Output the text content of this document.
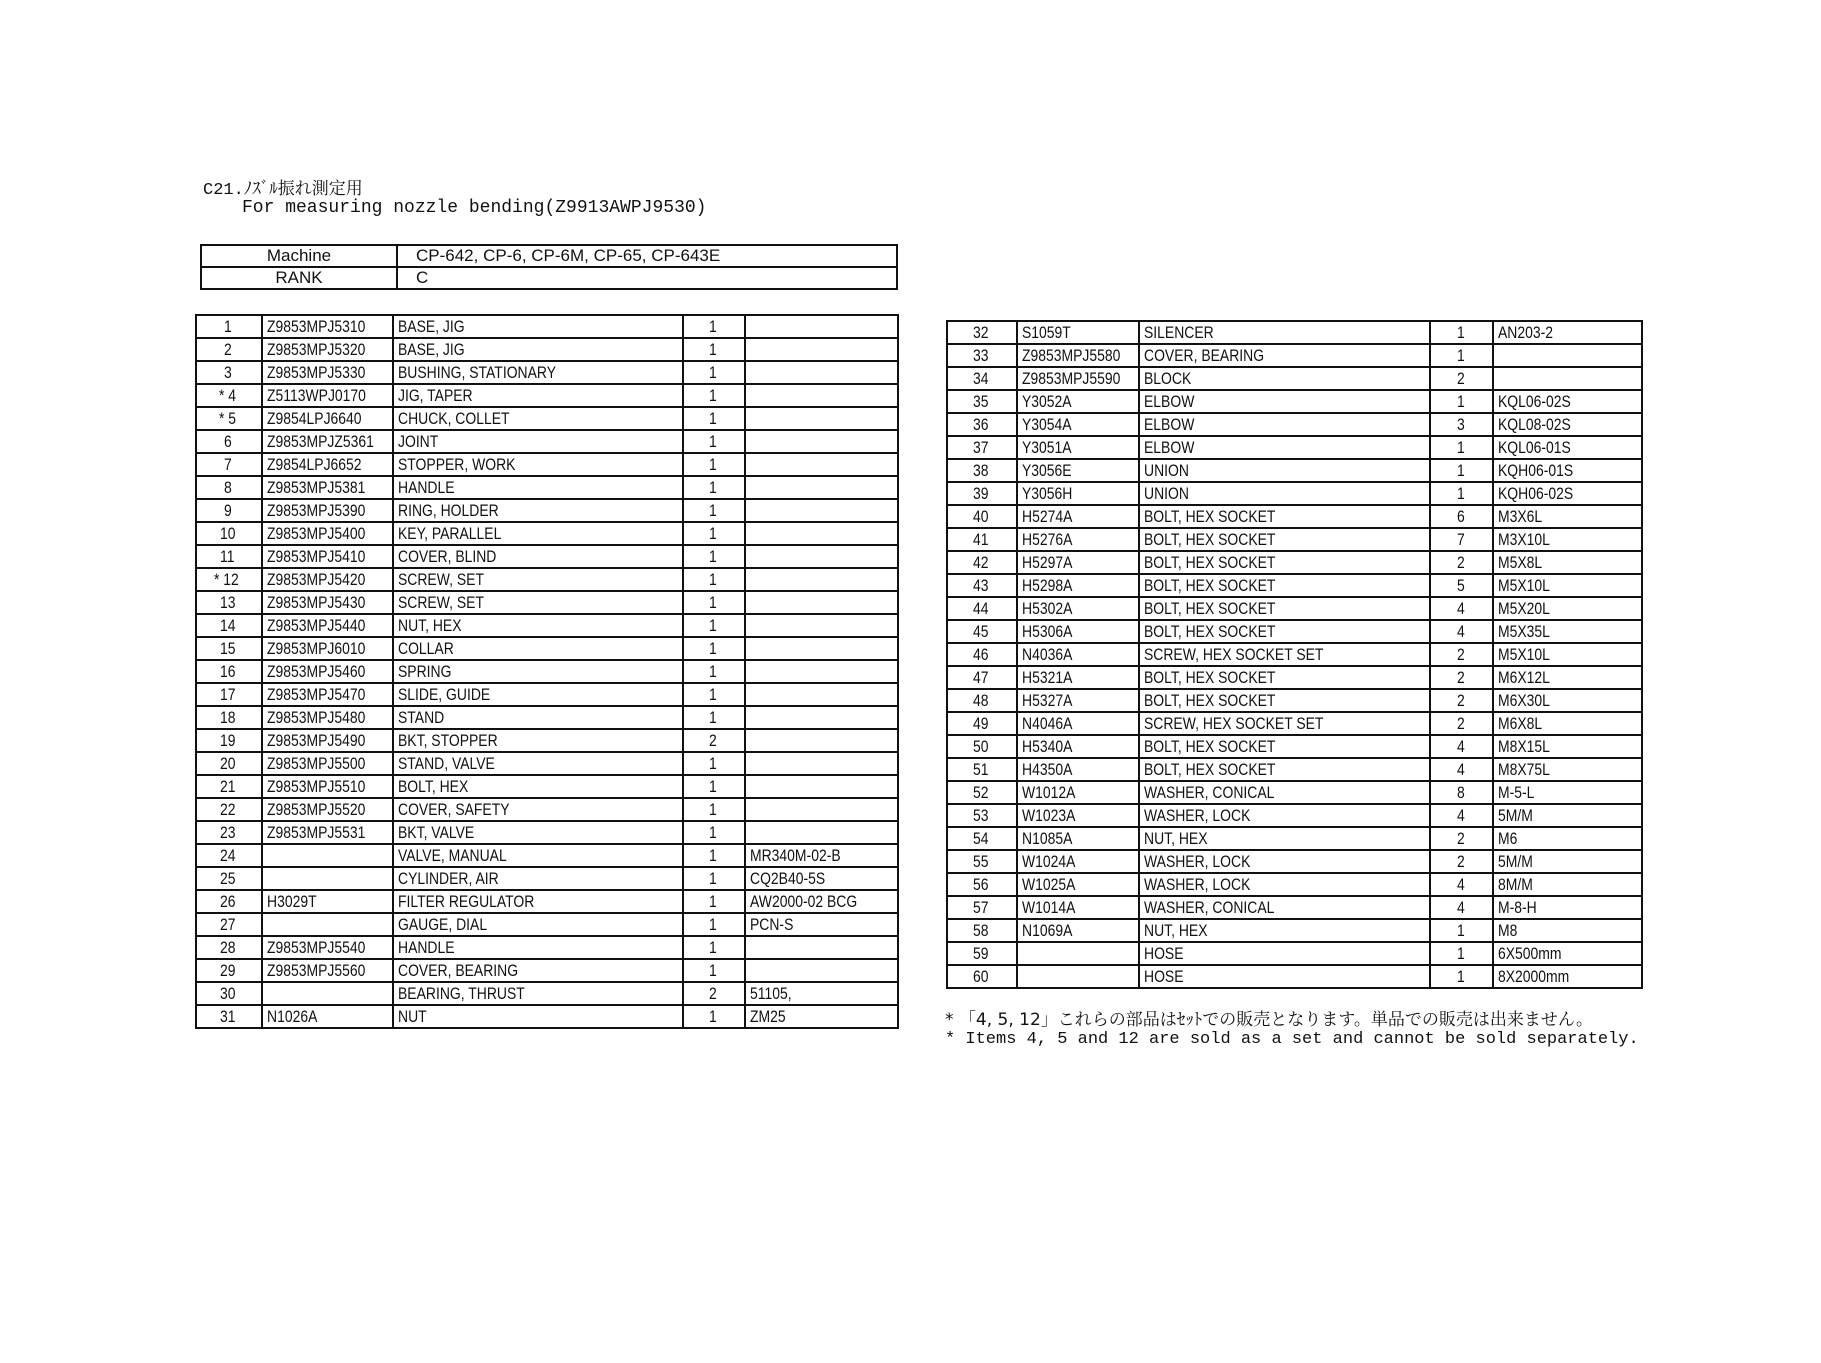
C21.ﾉｽﾞﾙ振れ測定用
For measuring nozzle bending(Z9913AWPJ9530)
Machine	CP-642, CP-6, CP-6M, CP-65, CP-643E
RANK	C
1	Z9853MPJ5310	BASE, JIG	1	
2	Z9853MPJ5320	BASE, JIG	1	
3	Z9853MPJ5330	BUSHING, STATIONARY	1	
* 4	Z5113WPJ0170	JIG, TAPER	1	
* 5	Z9854LPJ6640	CHUCK, COLLET	1	
6	Z9853MPJZ5361	JOINT	1	
7	Z9854LPJ6652	STOPPER, WORK	1	
8	Z9853MPJ5381	HANDLE	1	
9	Z9853MPJ5390	RING, HOLDER	1	
10	Z9853MPJ5400	KEY, PARALLEL	1	
11	Z9853MPJ5410	COVER, BLIND	1	
* 12	Z9853MPJ5420	SCREW, SET	1	
13	Z9853MPJ5430	SCREW, SET	1	
14	Z9853MPJ5440	NUT, HEX	1	
15	Z9853MPJ6010	COLLAR	1	
16	Z9853MPJ5460	SPRING	1	
17	Z9853MPJ5470	SLIDE, GUIDE	1	
18	Z9853MPJ5480	STAND	1	
19	Z9853MPJ5490	BKT, STOPPER	2	
20	Z9853MPJ5500	STAND, VALVE	1	
21	Z9853MPJ5510	BOLT, HEX	1	
22	Z9853MPJ5520	COVER, SAFETY	1	
23	Z9853MPJ5531	BKT, VALVE	1	
24		VALVE, MANUAL	1	MR340M-02-B
25		CYLINDER, AIR	1	CQ2B40-5S
26	H3029T	FILTER REGULATOR	1	AW2000-02 BCG
27		GAUGE, DIAL	1	PCN-S
28	Z9853MPJ5540	HANDLE	1	
29	Z9853MPJ5560	COVER, BEARING	1	
30		BEARING, THRUST	2	51105,
31	N1026A	NUT	1	ZM25
32	S1059T	SILENCER	1	AN203-2
33	Z9853MPJ5580	COVER, BEARING	1	
34	Z9853MPJ5590	BLOCK	2	
35	Y3052A	ELBOW	1	KQL06-02S
36	Y3054A	ELBOW	3	KQL08-02S
37	Y3051A	ELBOW	1	KQL06-01S
38	Y3056E	UNION	1	KQH06-01S
39	Y3056H	UNION	1	KQH06-02S
40	H5274A	BOLT, HEX SOCKET	6	M3X6L
41	H5276A	BOLT, HEX SOCKET	7	M3X10L
42	H5297A	BOLT, HEX SOCKET	2	M5X8L
43	H5298A	BOLT, HEX SOCKET	5	M5X10L
44	H5302A	BOLT, HEX SOCKET	4	M5X20L
45	H5306A	BOLT, HEX SOCKET	4	M5X35L
46	N4036A	SCREW, HEX SOCKET SET	2	M5X10L
47	H5321A	BOLT, HEX SOCKET	2	M6X12L
48	H5327A	BOLT, HEX SOCKET	2	M6X30L
49	N4046A	SCREW, HEX SOCKET SET	2	M6X8L
50	H5340A	BOLT, HEX SOCKET	4	M8X15L
51	H4350A	BOLT, HEX SOCKET	4	M8X75L
52	W1012A	WASHER, CONICAL	8	M-5-L
53	W1023A	WASHER, LOCK	4	5M/M
54	N1085A	NUT, HEX	2	M6
55	W1024A	WASHER, LOCK	2	5M/M
56	W1025A	WASHER, LOCK	4	8M/M
57	W1014A	WASHER, CONICAL	4	M-8-H
58	N1069A	NUT, HEX	1	M8
59		HOSE	1	6X500mm
60		HOSE	1	8X2000mm
* 「4, 5, 12」これらの部品はｾｯﾄでの販売となります。単品での販売は出来ません。
* Items 4, 5 and 12 are sold as a set and cannot be sold separately.
